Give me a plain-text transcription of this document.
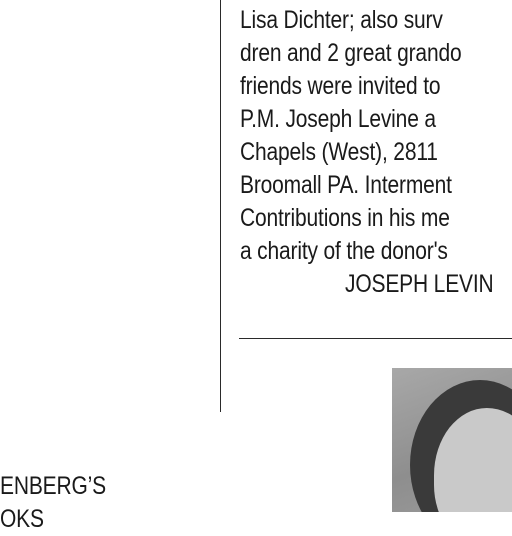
ENBERG’S
OKS
Lisa Dichter; also surv
dren and 2 great grando
friends were invited to
P.M. Joseph Levine a
Chapels (West), 2811
Broomall PA. Interment
Contributions in his me
a charity of the donor's
JOSEPH LEVIN
